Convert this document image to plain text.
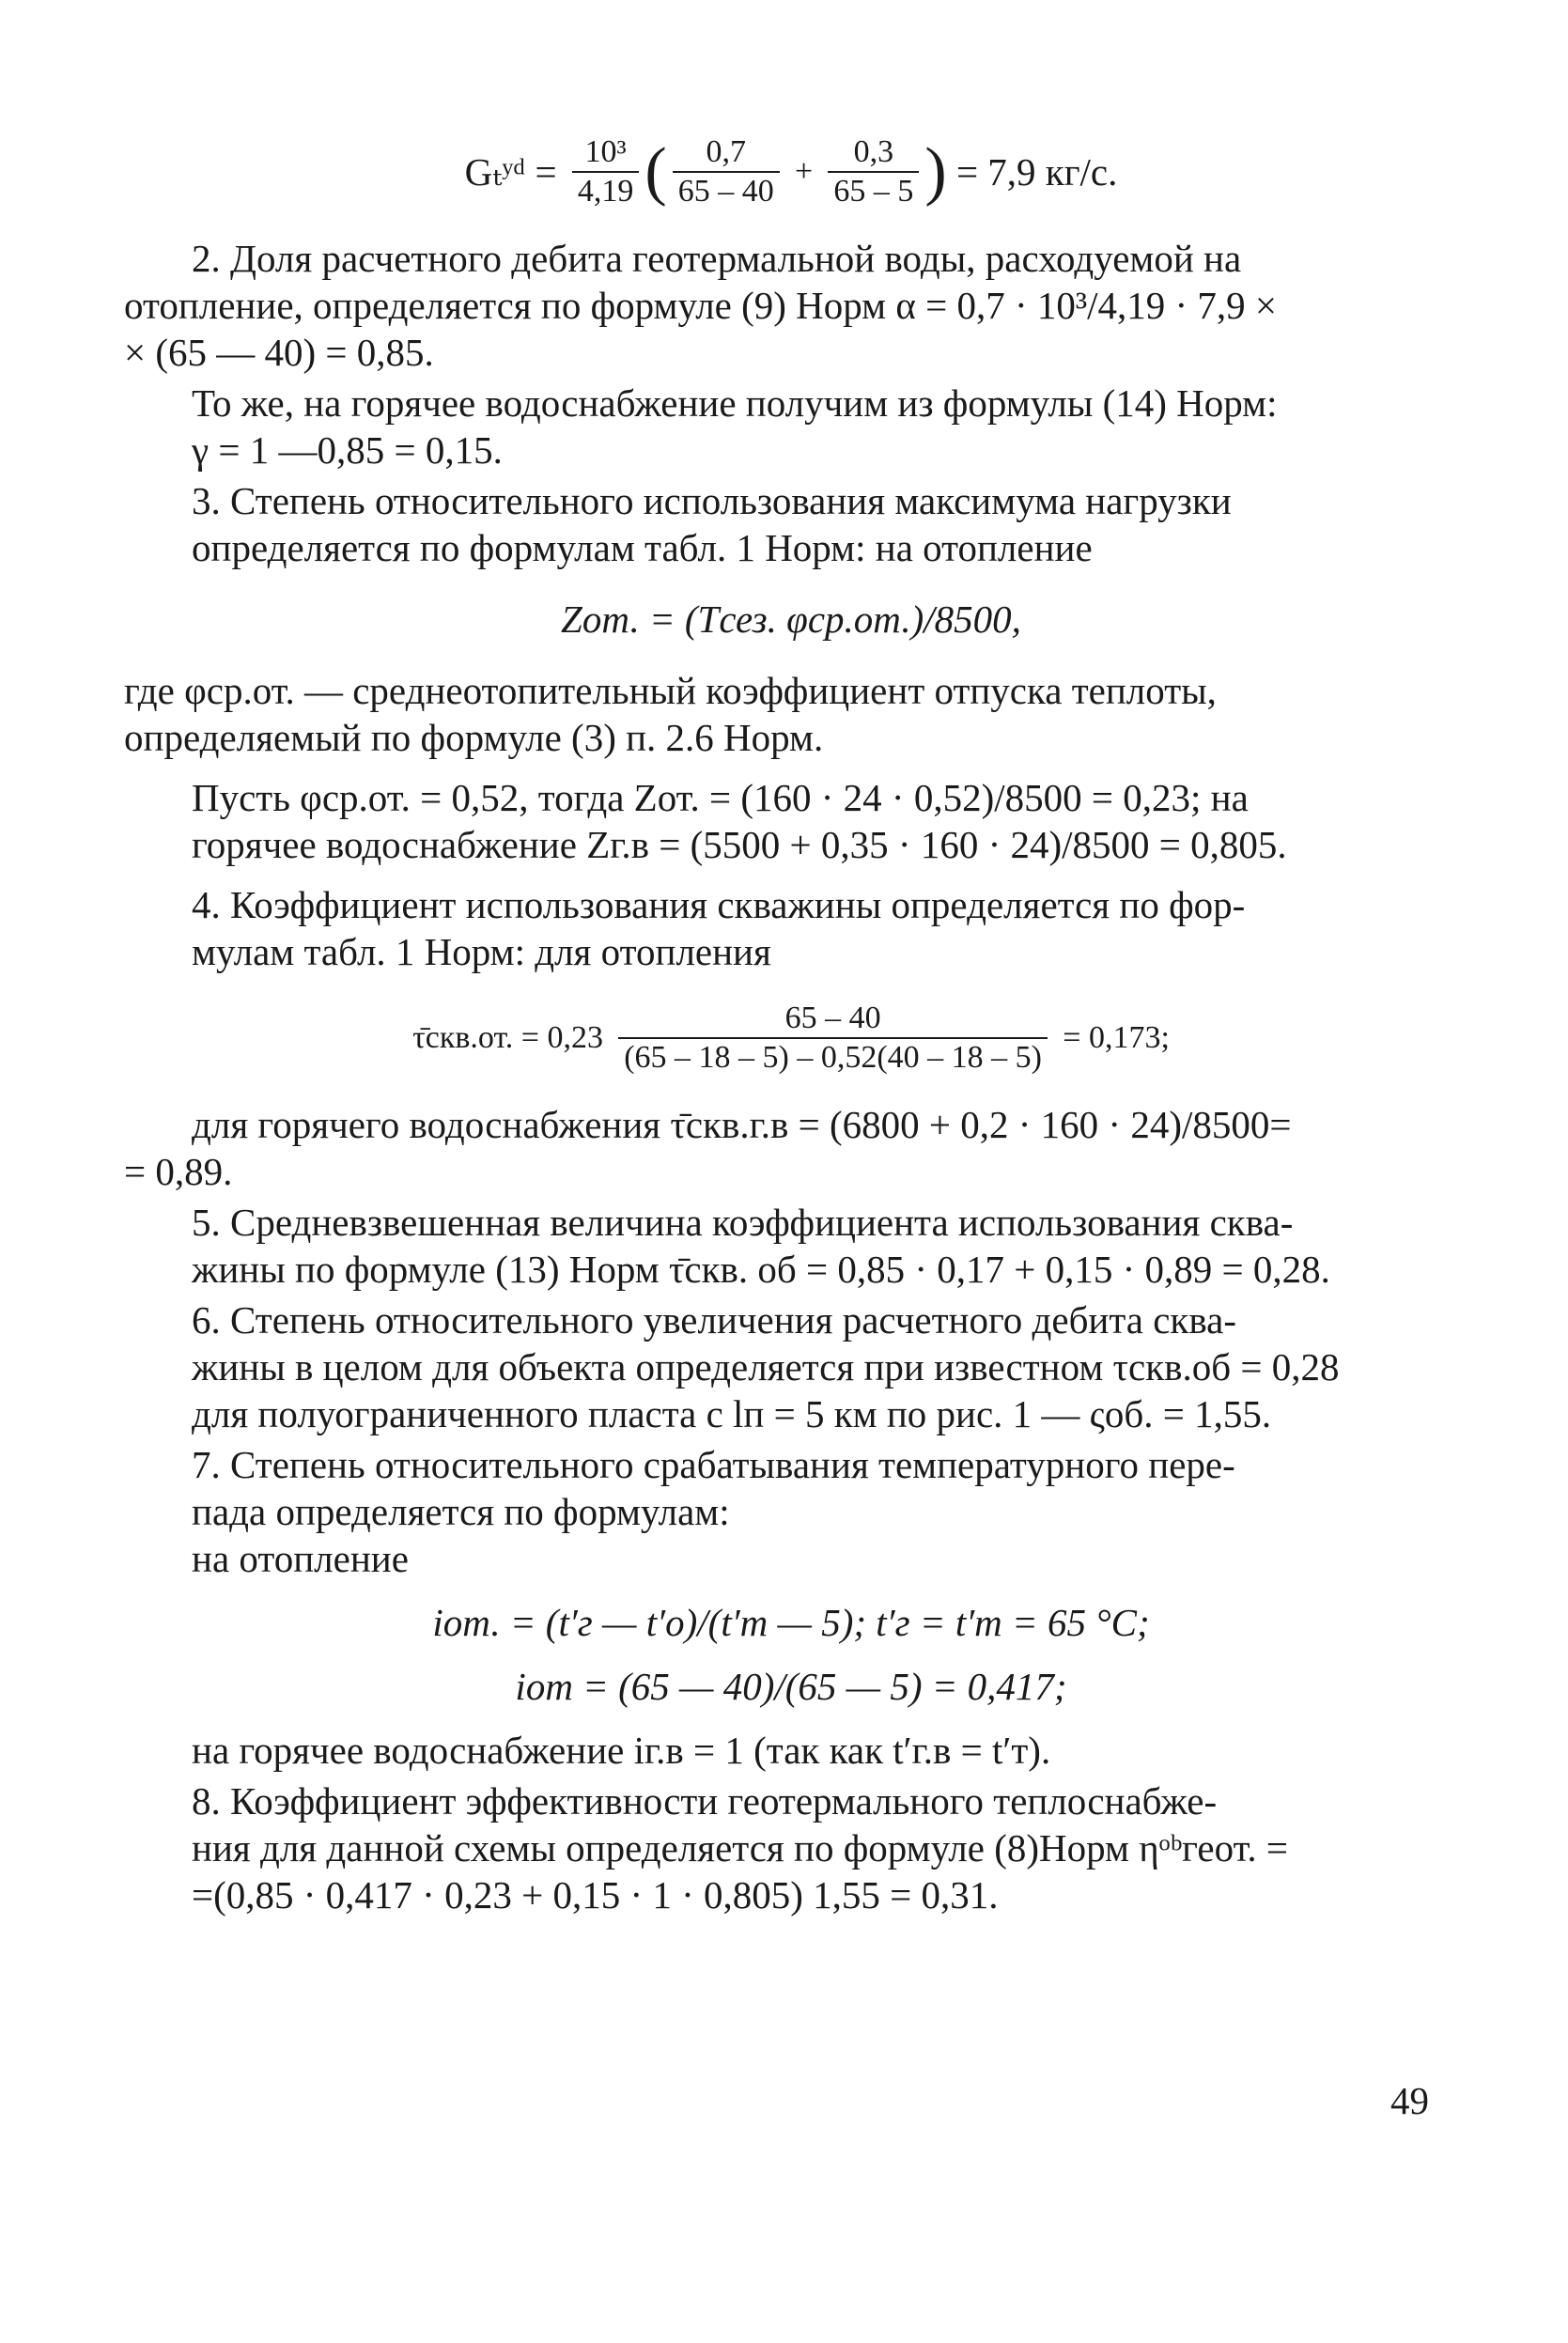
Gₜʸᵈ = $\frac{\text{10³}}{4,19}$ ( $\frac{0,7}{65 - 40} + \frac{0,3}{65 - 5}$ ) = 7,9 кг/с.

2. Доля расчетного дебита геотермальной воды, расходуемой на
отопление, определяется по формуле (9) Норм α = 0,7 · 10³/4,19 · 7,9 ×
× (65 — 40) = 0,85.

То же, на горячее водоснабжение получим из формулы (14) Норм:
γ = 1 —0,85 = 0,15.

3. Степень относительного использования максимума нагрузки
определяется по формулам табл. 1 Норм: на отопление

Zот. = (Tсез. φср.от.)/8500,

где φср.от. — среднеотопительный коэффициент отпуска теплоты,
определяемый по формуле (3) п. 2.6 Норм.

Пусть φср.от. = 0,52, тогда Zот. = (160 · 24 · 0,52)/8500 = 0,23; на
горячее водоснабжение Zг.в = (5500 + 0,35 · 160 · 24)/8500 = 0,805.

4. Коэффициент использования скважины определяется по фор-
мулам табл. 1 Норм: для отопления

τ̄скв.от. = $0,23 \frac{65 - 40}{(65 - 18 - 5) - 0,52(40 - 18 - 5)} = 0,173$;

для горячего водоснабжения τ̄скв.г.в = (6800 + 0,2 · 160 · 24)/8500=
= 0,89.

5. Средневзвешенная величина коэффициента использования сква-
жины по формуле (13) Норм τ̄скв. об = 0,85 · 0,17 + 0,15 · 0,89 = 0,28.

6. Степень относительного увеличения расчетного дебита сква-
жины в целом для объекта определяется при известном τскв.об = 0,28
для полуограниченного пласта с lп = 5 км по рис. 1 — ςоб. = 1,55.

7. Степень относительного срабатывания температурного пере-
пада определяется по формулам:
на отопление

iот. = (t′г — t′о)/(t′т — 5); t′г = t′т = 65 °С;
iот = (65 — 40)/(65 — 5) = 0,417;

на горячее водоснабжение iг.в = 1 (так как t′г.в = t′т).

8. Коэффициент эффективности геотермального теплоснабже-
ния для данной схемы определяется по формуле (8)Норм ηᵒᵇгеот. =
=(0,85 · 0,417 · 0,23 + 0,15 · 1 · 0,805) 1,55 = 0,31.

49
